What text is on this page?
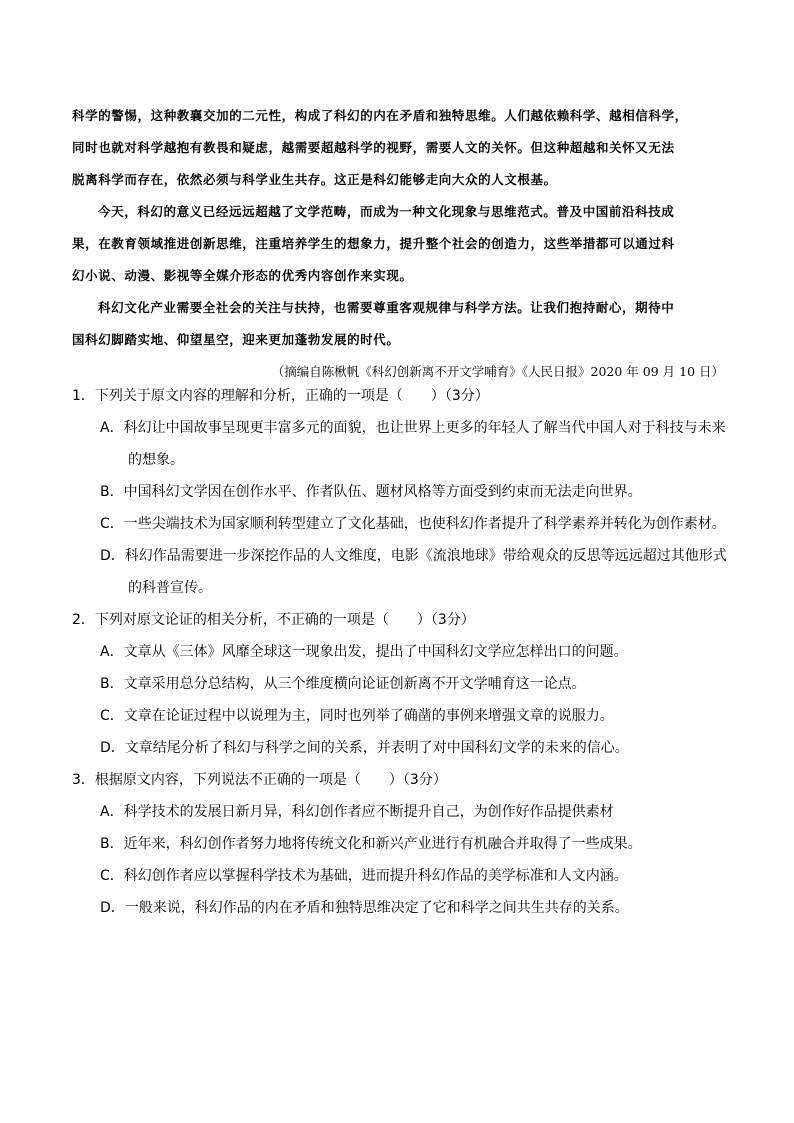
科学的警惕，这种教襄交加的二元性，构成了科幻的内在矛盾和独特思维。人们越依赖科学、越相信科学，
同时也就对科学越抱有教畏和疑虑，越需要超越科学的视野，需要人文的关怀。但这种超越和关怀又无法
脱离科学而存在，依然必须与科学业生共存。这正是科幻能够走向大众的人文根基。
今天，科幻的意义已经远远超越了文学范畴，而成为一种文化现象与思维范式。普及中国前沿科技成
果，在教育领域推进创新思维，注重培养学生的想象力，提升整个社会的创造力，这些举措都可以通过科
幻小说、动漫、影视等全媒介形态的优秀内容创作来实现。
科幻文化产业需要全社会的关注与扶持，也需要尊重客观规律与科学方法。让我们抱持耐心，期待中
国科幻脚踏实地、仰望星空，迎来更加蓬勃发展的时代。
（摘编自陈楸帆《科幻创新离不开文学哺育》《人民日报》2020 年 09 月 10 日）
1．下列关于原文内容的理解和分析，正确的一项是（　　）（3分）
A．科幻让中国故事呈现更丰富多元的面貌，也让世界上更多的年轻人了解当代中国人对于科技与未来
的想象。
B．中国科幻文学因在创作水平、作者队伍、题材风格等方面受到约束而无法走向世界。
C．一些尖端技术为国家顺利转型建立了文化基础，也使科幻作者提升了科学素养并转化为创作素材。
D．科幻作品需要进一步深挖作品的人文维度，电影《流浪地球》带给观众的反思等远远超过其他形式
的科普宣传。
2．下列对原文论证的相关分析，不正确的一项是（　　）（3分）
A．文章从《三体》风靡全球这一现象出发，提出了中国科幻文学应怎样出口的问题。
B．文章采用总分总结构，从三个维度横向论证创新离不开文学哺育这一论点。
C．文章在论证过程中以说理为主，同时也列举了确凿的事例来增强文章的说服力。
D．文章结尾分析了科幻与科学之间的关系，并表明了对中国科幻文学的未来的信心。
3．根据原文内容，下列说法不正确的一项是（　　）（3分）
A．科学技术的发展日新月异，科幻创作者应不断提升自己，为创作好作品提供素材
B．近年来，科幻创作者努力地将传统文化和新兴产业进行有机融合并取得了一些成果。
C．科幻创作者应以掌握科学技术为基础，进而提升科幻作品的美学标准和人文内涵。
D．一般来说，科幻作品的内在矛盾和独特思维决定了它和科学之间共生共存的关系。
